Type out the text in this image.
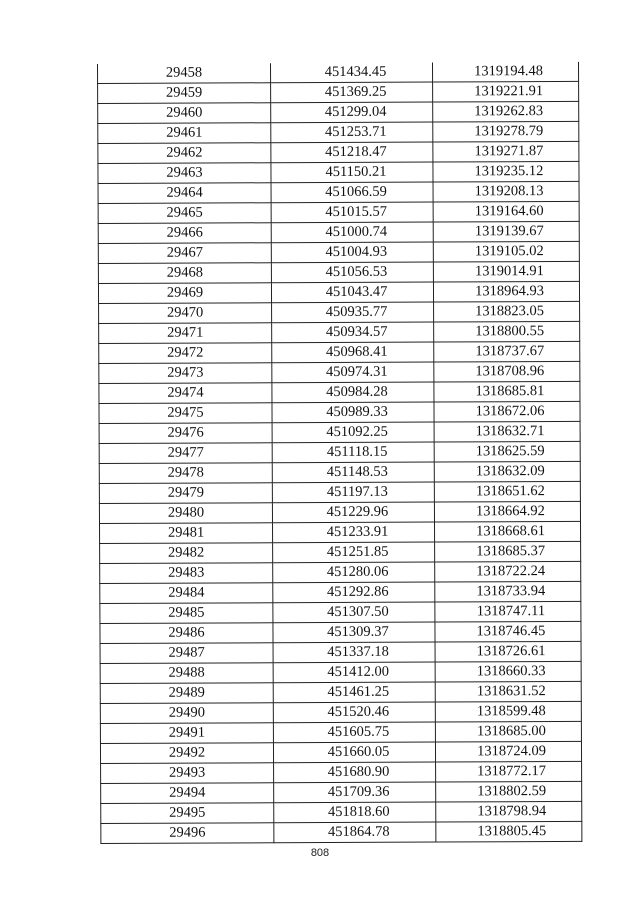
29458	451434.45	1319194.48
29459	451369.25	1319221.91
29460	451299.04	1319262.83
29461	451253.71	1319278.79
29462	451218.47	1319271.87
29463	451150.21	1319235.12
29464	451066.59	1319208.13
29465	451015.57	1319164.60
29466	451000.74	1319139.67
29467	451004.93	1319105.02
29468	451056.53	1319014.91
29469	451043.47	1318964.93
29470	450935.77	1318823.05
29471	450934.57	1318800.55
29472	450968.41	1318737.67
29473	450974.31	1318708.96
29474	450984.28	1318685.81
29475	450989.33	1318672.06
29476	451092.25	1318632.71
29477	451118.15	1318625.59
29478	451148.53	1318632.09
29479	451197.13	1318651.62
29480	451229.96	1318664.92
29481	451233.91	1318668.61
29482	451251.85	1318685.37
29483	451280.06	1318722.24
29484	451292.86	1318733.94
29485	451307.50	1318747.11
29486	451309.37	1318746.45
29487	451337.18	1318726.61
29488	451412.00	1318660.33
29489	451461.25	1318631.52
29490	451520.46	1318599.48
29491	451605.75	1318685.00
29492	451660.05	1318724.09
29493	451680.90	1318772.17
29494	451709.36	1318802.59
29495	451818.60	1318798.94
29496	451864.78	1318805.45
808
